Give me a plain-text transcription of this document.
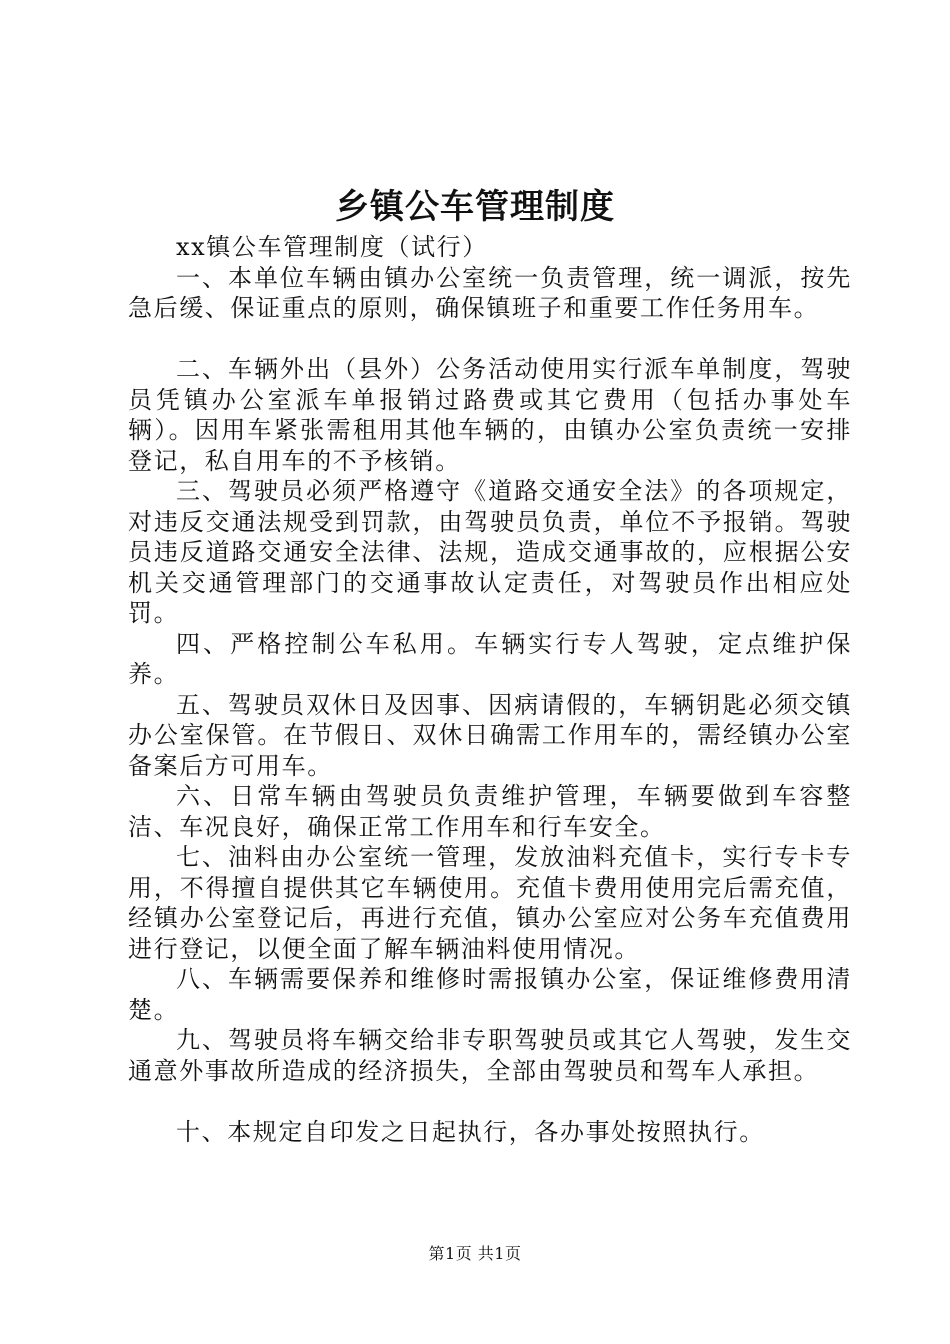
乡镇公车管理制度

xx镇公车管理制度（试行）

一、本单位车辆由镇办公室统一负责管理，统一调派，按先急后缓、保证重点的原则，确保镇班子和重要工作任务用车。

二、车辆外出（县外）公务活动使用实行派车单制度，驾驶员凭镇办公室派车单报销过路费或其它费用（包括办事处车辆）。因用车紧张需租用其他车辆的，由镇办公室负责统一安排登记，私自用车的不予核销。

三、驾驶员必须严格遵守《道路交通安全法》的各项规定，对违反交通法规受到罚款，由驾驶员负责，单位不予报销。驾驶员违反道路交通安全法律、法规，造成交通事故的，应根据公安机关交通管理部门的交通事故认定责任，对驾驶员作出相应处罚。

四、严格控制公车私用。车辆实行专人驾驶，定点维护保养。

五、驾驶员双休日及因事、因病请假的，车辆钥匙必须交镇办公室保管。在节假日、双休日确需工作用车的，需经镇办公室备案后方可用车。

六、日常车辆由驾驶员负责维护管理，车辆要做到车容整洁、车况良好，确保正常工作用车和行车安全。

七、油料由办公室统一管理，发放油料充值卡，实行专卡专用，不得擅自提供其它车辆使用。充值卡费用使用完后需充值，经镇办公室登记后，再进行充值，镇办公室应对公务车充值费用进行登记，以便全面了解车辆油料使用情况。

八、车辆需要保养和维修时需报镇办公室，保证维修费用清楚。

九、驾驶员将车辆交给非专职驾驶员或其它人驾驶，发生交通意外事故所造成的经济损失，全部由驾驶员和驾车人承担。

十、本规定自印发之日起执行，各办事处按照执行。

第1页 共1页
